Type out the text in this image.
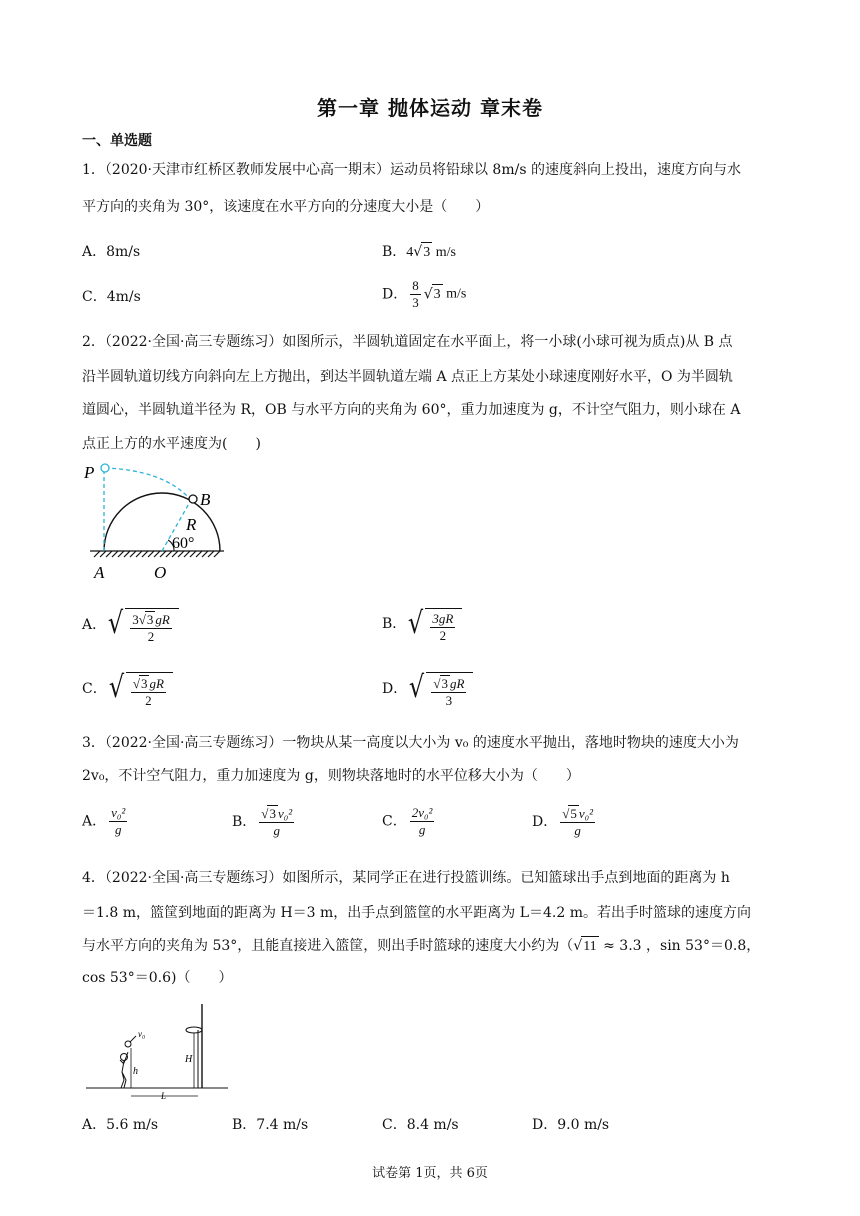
第一章 抛体运动 章末卷
一、单选题
1．（2020·天津市红桥区教师发展中心高一期末）运动员将铅球以 8m/s 的速度斜向上投出，速度方向与水
平方向的夹角为 30°，该速度在水平方向的分速度大小是（　　）
A．8m/s	B．4√3 m/s
C．4m/s	D． $\frac{8}{3} √3$ m/s
2．（2022·全国·高三专题练习）如图所示，半圆轨道固定在水平面上，将一小球(小球可视为质点)从 B 点
沿半圆轨道切线方向斜向左上方抛出，到达半圆轨道左端 A 点正上方某处小球速度刚好水平，O 为半圆轨
道圆心，半圆轨道半径为 R，OB 与水平方向的夹角为 60°，重力加速度为 g，不计空气阻力，则小球在 A
点正上方的水平速度为(　　)
P
B
R
60°
A	O
A． √ $\frac{3√3 gR}{2}$	B． √ $\frac{3gR}{2}$
C． √ $\frac{√3 gR}{2}$	D． √ $\frac{√3 gR}{3}$
3．（2022·全国·高三专题练习）一物块从某一高度以大小为 v₀ 的速度水平抛出，落地时物块的速度大小为
2v₀，不计空气阻力，重力加速度为 g，则物块落地时的水平位移大小为（　　）
A． $\frac{\text{v₀²}}{g}$	B． $\frac{\text{√3 v₀²}}{g}$	C． $\frac{\text{2v₀²}}{g}$	D． $\frac{\text{√5 v₀²}}{g}$
4．（2022·全国·高三专题练习）如图所示，某同学正在进行投篮训练。已知篮球出手点到地面的距离为 h
＝1.8 m，篮筐到地面的距离为 H＝3 m，出手点到篮筐的水平距离为 L＝4.2 m。若出手时篮球的速度方向
与水平方向的夹角为 53°，且能直接进入篮筐，则出手时篮球的速度大小约为（√11 ≈ 3.3 ，sin 53°＝0.8，
cos 53°＝0.6)（　　）
v₀
H
h
L
A．5.6 m/s	B．7.4 m/s	C．8.4 m/s	D．9.0 m/s
试卷第 1页，共 6页
